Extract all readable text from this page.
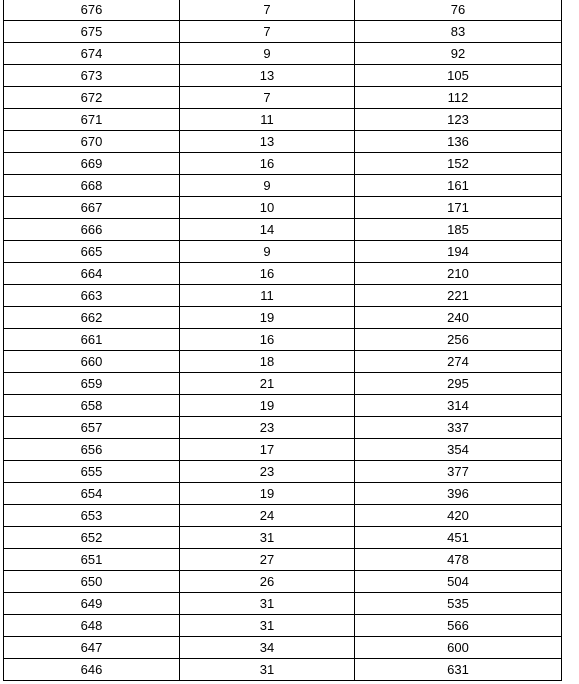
676	7	76
675	7	83
674	9	92
673	13	105
672	7	112
671	11	123
670	13	136
669	16	152
668	9	161
667	10	171
666	14	185
665	9	194
664	16	210
663	11	221
662	19	240
661	16	256
660	18	274
659	21	295
658	19	314
657	23	337
656	17	354
655	23	377
654	19	396
653	24	420
652	31	451
651	27	478
650	26	504
649	31	535
648	31	566
647	34	600
646	31	631
